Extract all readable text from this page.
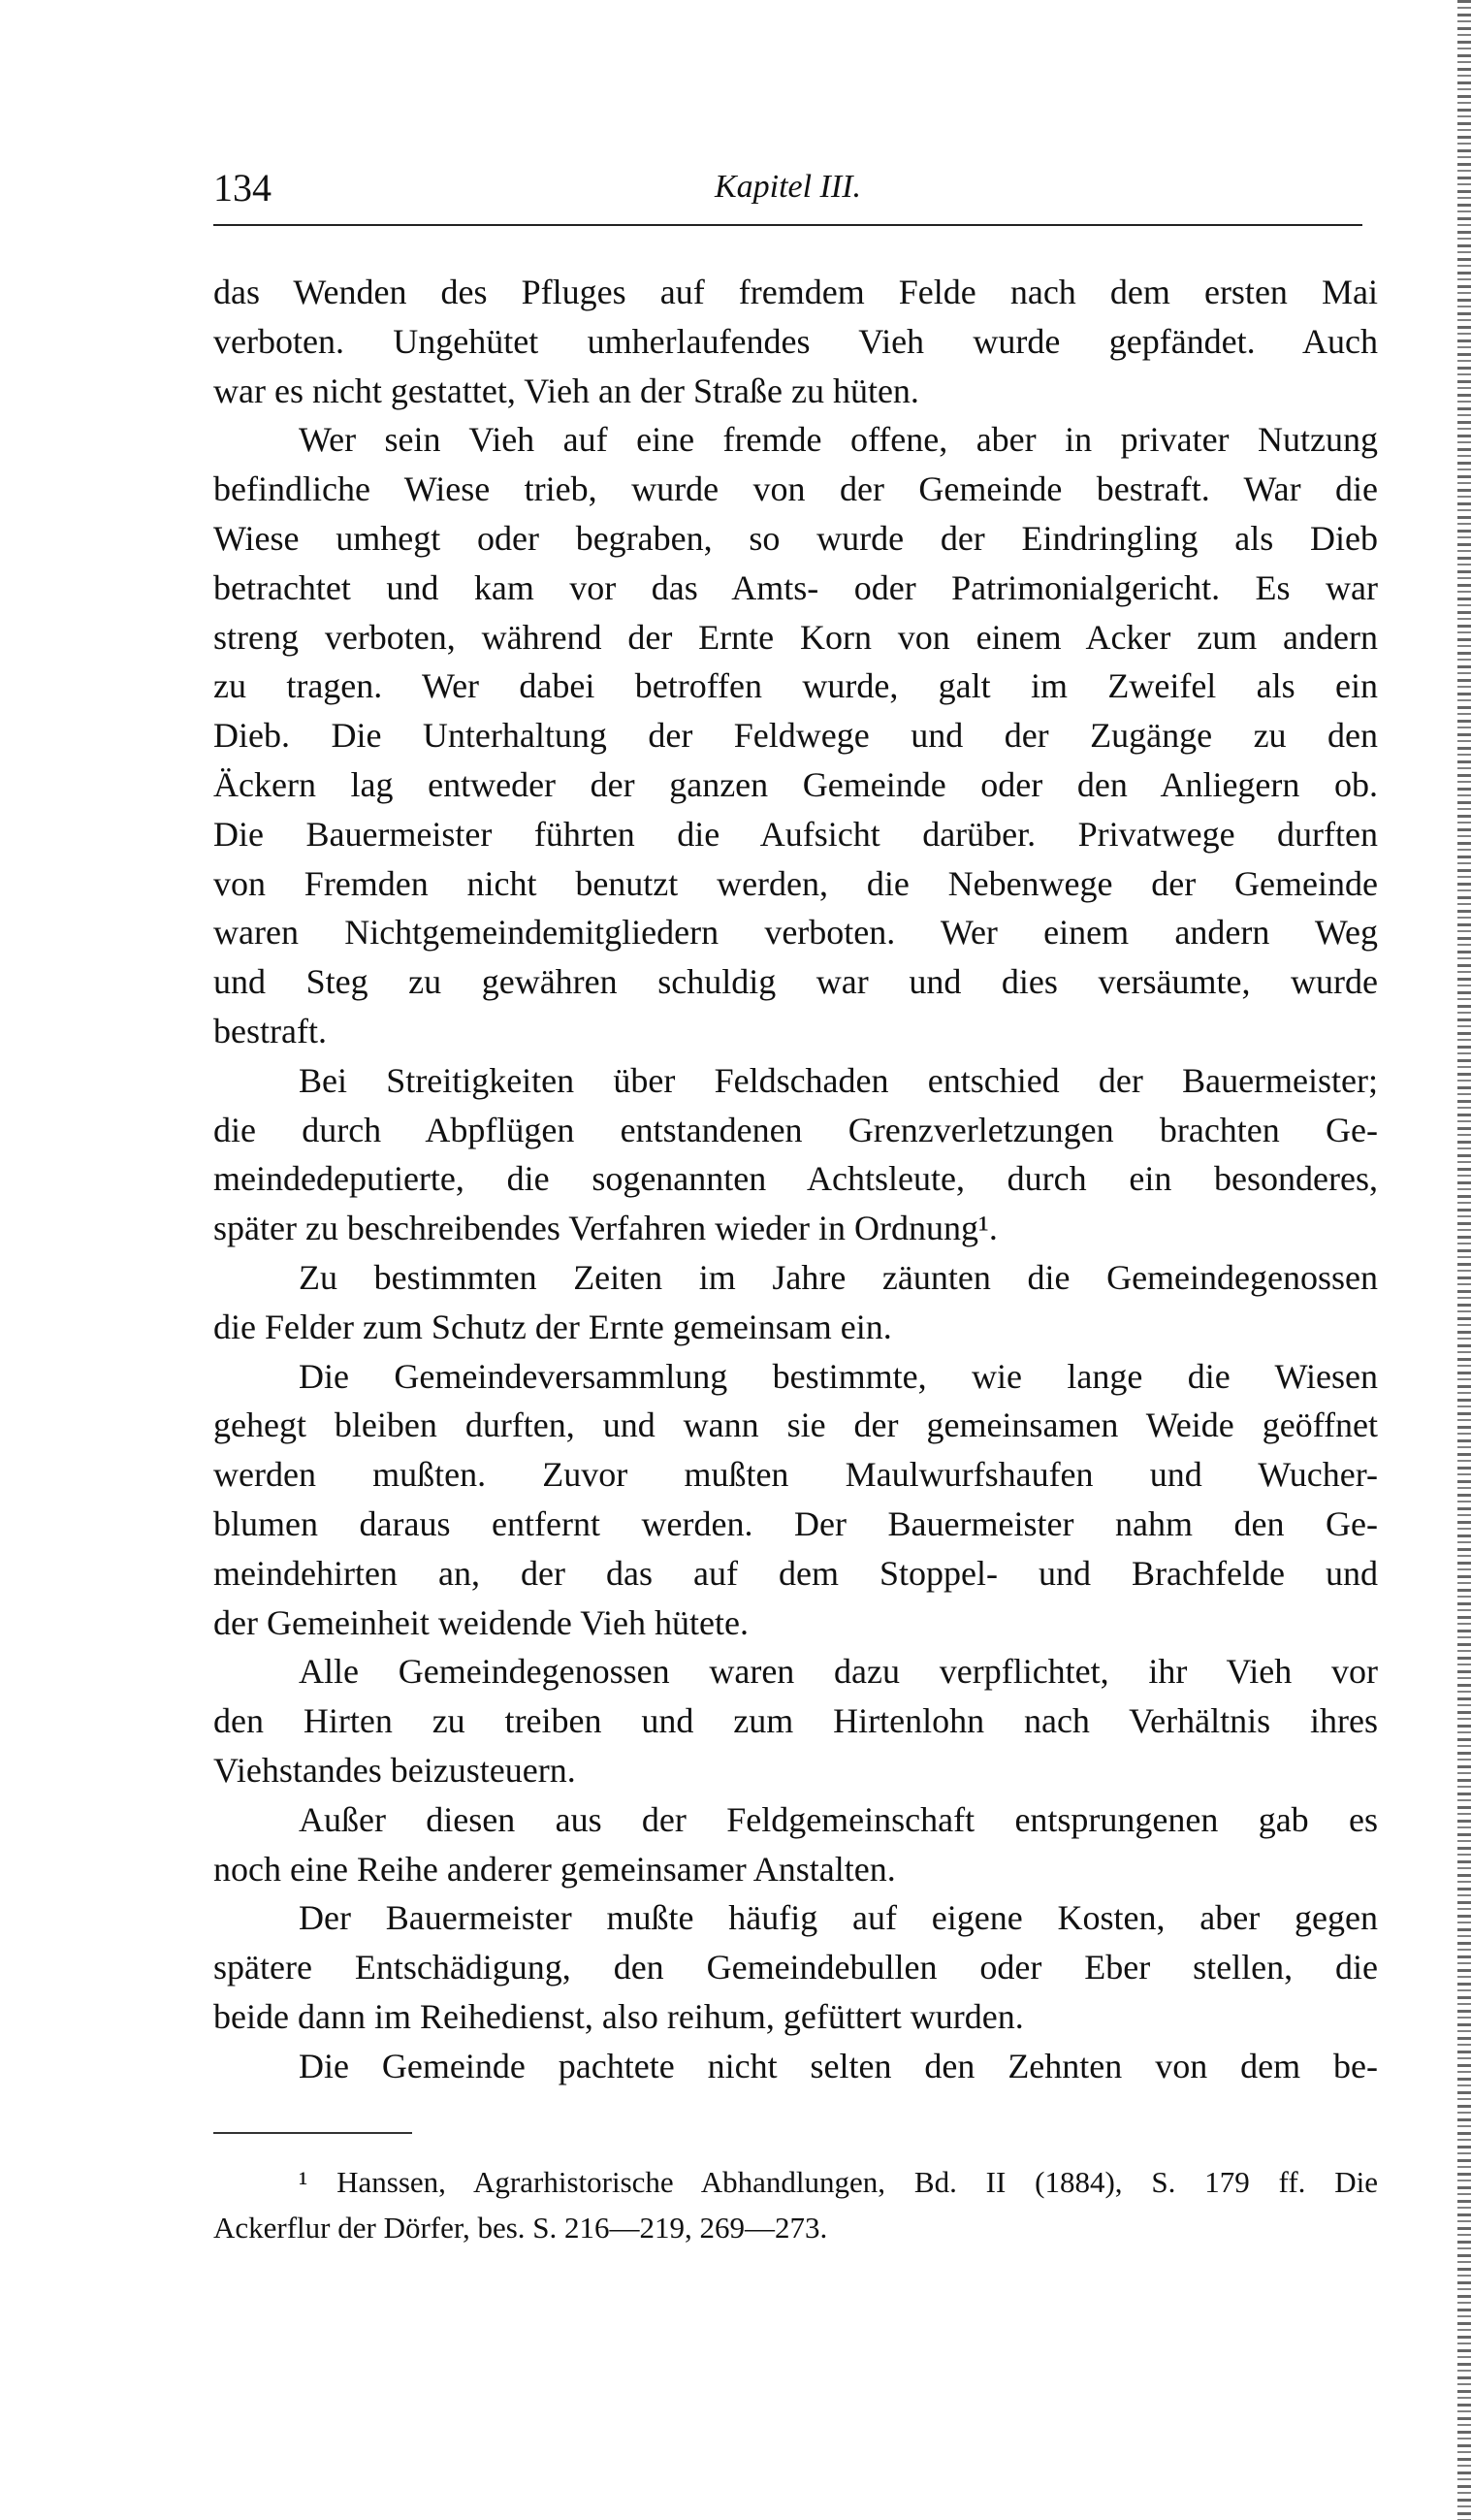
134	Kapitel III.
das Wenden des Pfluges auf fremdem Felde nach dem ersten Mai
verboten. Ungehütet umherlaufendes Vieh wurde gepfändet. Auch
war es nicht gestattet, Vieh an der Straße zu hüten.
Wer sein Vieh auf eine fremde offene, aber in privater Nutzung
befindliche Wiese trieb, wurde von der Gemeinde bestraft. War die
Wiese umhegt oder begraben, so wurde der Eindringling als Dieb
betrachtet und kam vor das Amts- oder Patrimonialgericht. Es war
streng verboten, während der Ernte Korn von einem Acker zum andern
zu tragen. Wer dabei betroffen wurde, galt im Zweifel als ein
Dieb. Die Unterhaltung der Feldwege und der Zugänge zu den
Äckern lag entweder der ganzen Gemeinde oder den Anliegern ob.
Die Bauermeister führten die Aufsicht darüber. Privatwege durften
von Fremden nicht benutzt werden, die Nebenwege der Gemeinde
waren Nichtgemeindemitgliedern verboten. Wer einem andern Weg
und Steg zu gewähren schuldig war und dies versäumte, wurde
bestraft.
Bei Streitigkeiten über Feldschaden entschied der Bauermeister;
die durch Abpflügen entstandenen Grenzverletzungen brachten Ge-
meindedeputierte, die sogenannten Achtsleute, durch ein besonderes,
später zu beschreibendes Verfahren wieder in Ordnung¹.
Zu bestimmten Zeiten im Jahre zäunten die Gemeindegenossen
die Felder zum Schutz der Ernte gemeinsam ein.
Die Gemeindeversammlung bestimmte, wie lange die Wiesen
gehegt bleiben durften, und wann sie der gemeinsamen Weide geöffnet
werden mußten. Zuvor mußten Maulwurfshaufen und Wucher-
blumen daraus entfernt werden. Der Bauermeister nahm den Ge-
meindehirten an, der das auf dem Stoppel- und Brachfelde und
der Gemeinheit weidende Vieh hütete.
Alle Gemeindegenossen waren dazu verpflichtet, ihr Vieh vor
den Hirten zu treiben und zum Hirtenlohn nach Verhältnis ihres
Viehstandes beizusteuern.
Außer diesen aus der Feldgemeinschaft entsprungenen gab es
noch eine Reihe anderer gemeinsamer Anstalten.
Der Bauermeister mußte häufig auf eigene Kosten, aber gegen
spätere Entschädigung, den Gemeindebullen oder Eber stellen, die
beide dann im Reihedienst, also reihum, gefüttert wurden.
Die Gemeinde pachtete nicht selten den Zehnten von dem be-
¹ Hanssen, Agrarhistorische Abhandlungen, Bd. II (1884), S. 179 ff. Die
Ackerflur der Dörfer, bes. S. 216—219, 269—273.
